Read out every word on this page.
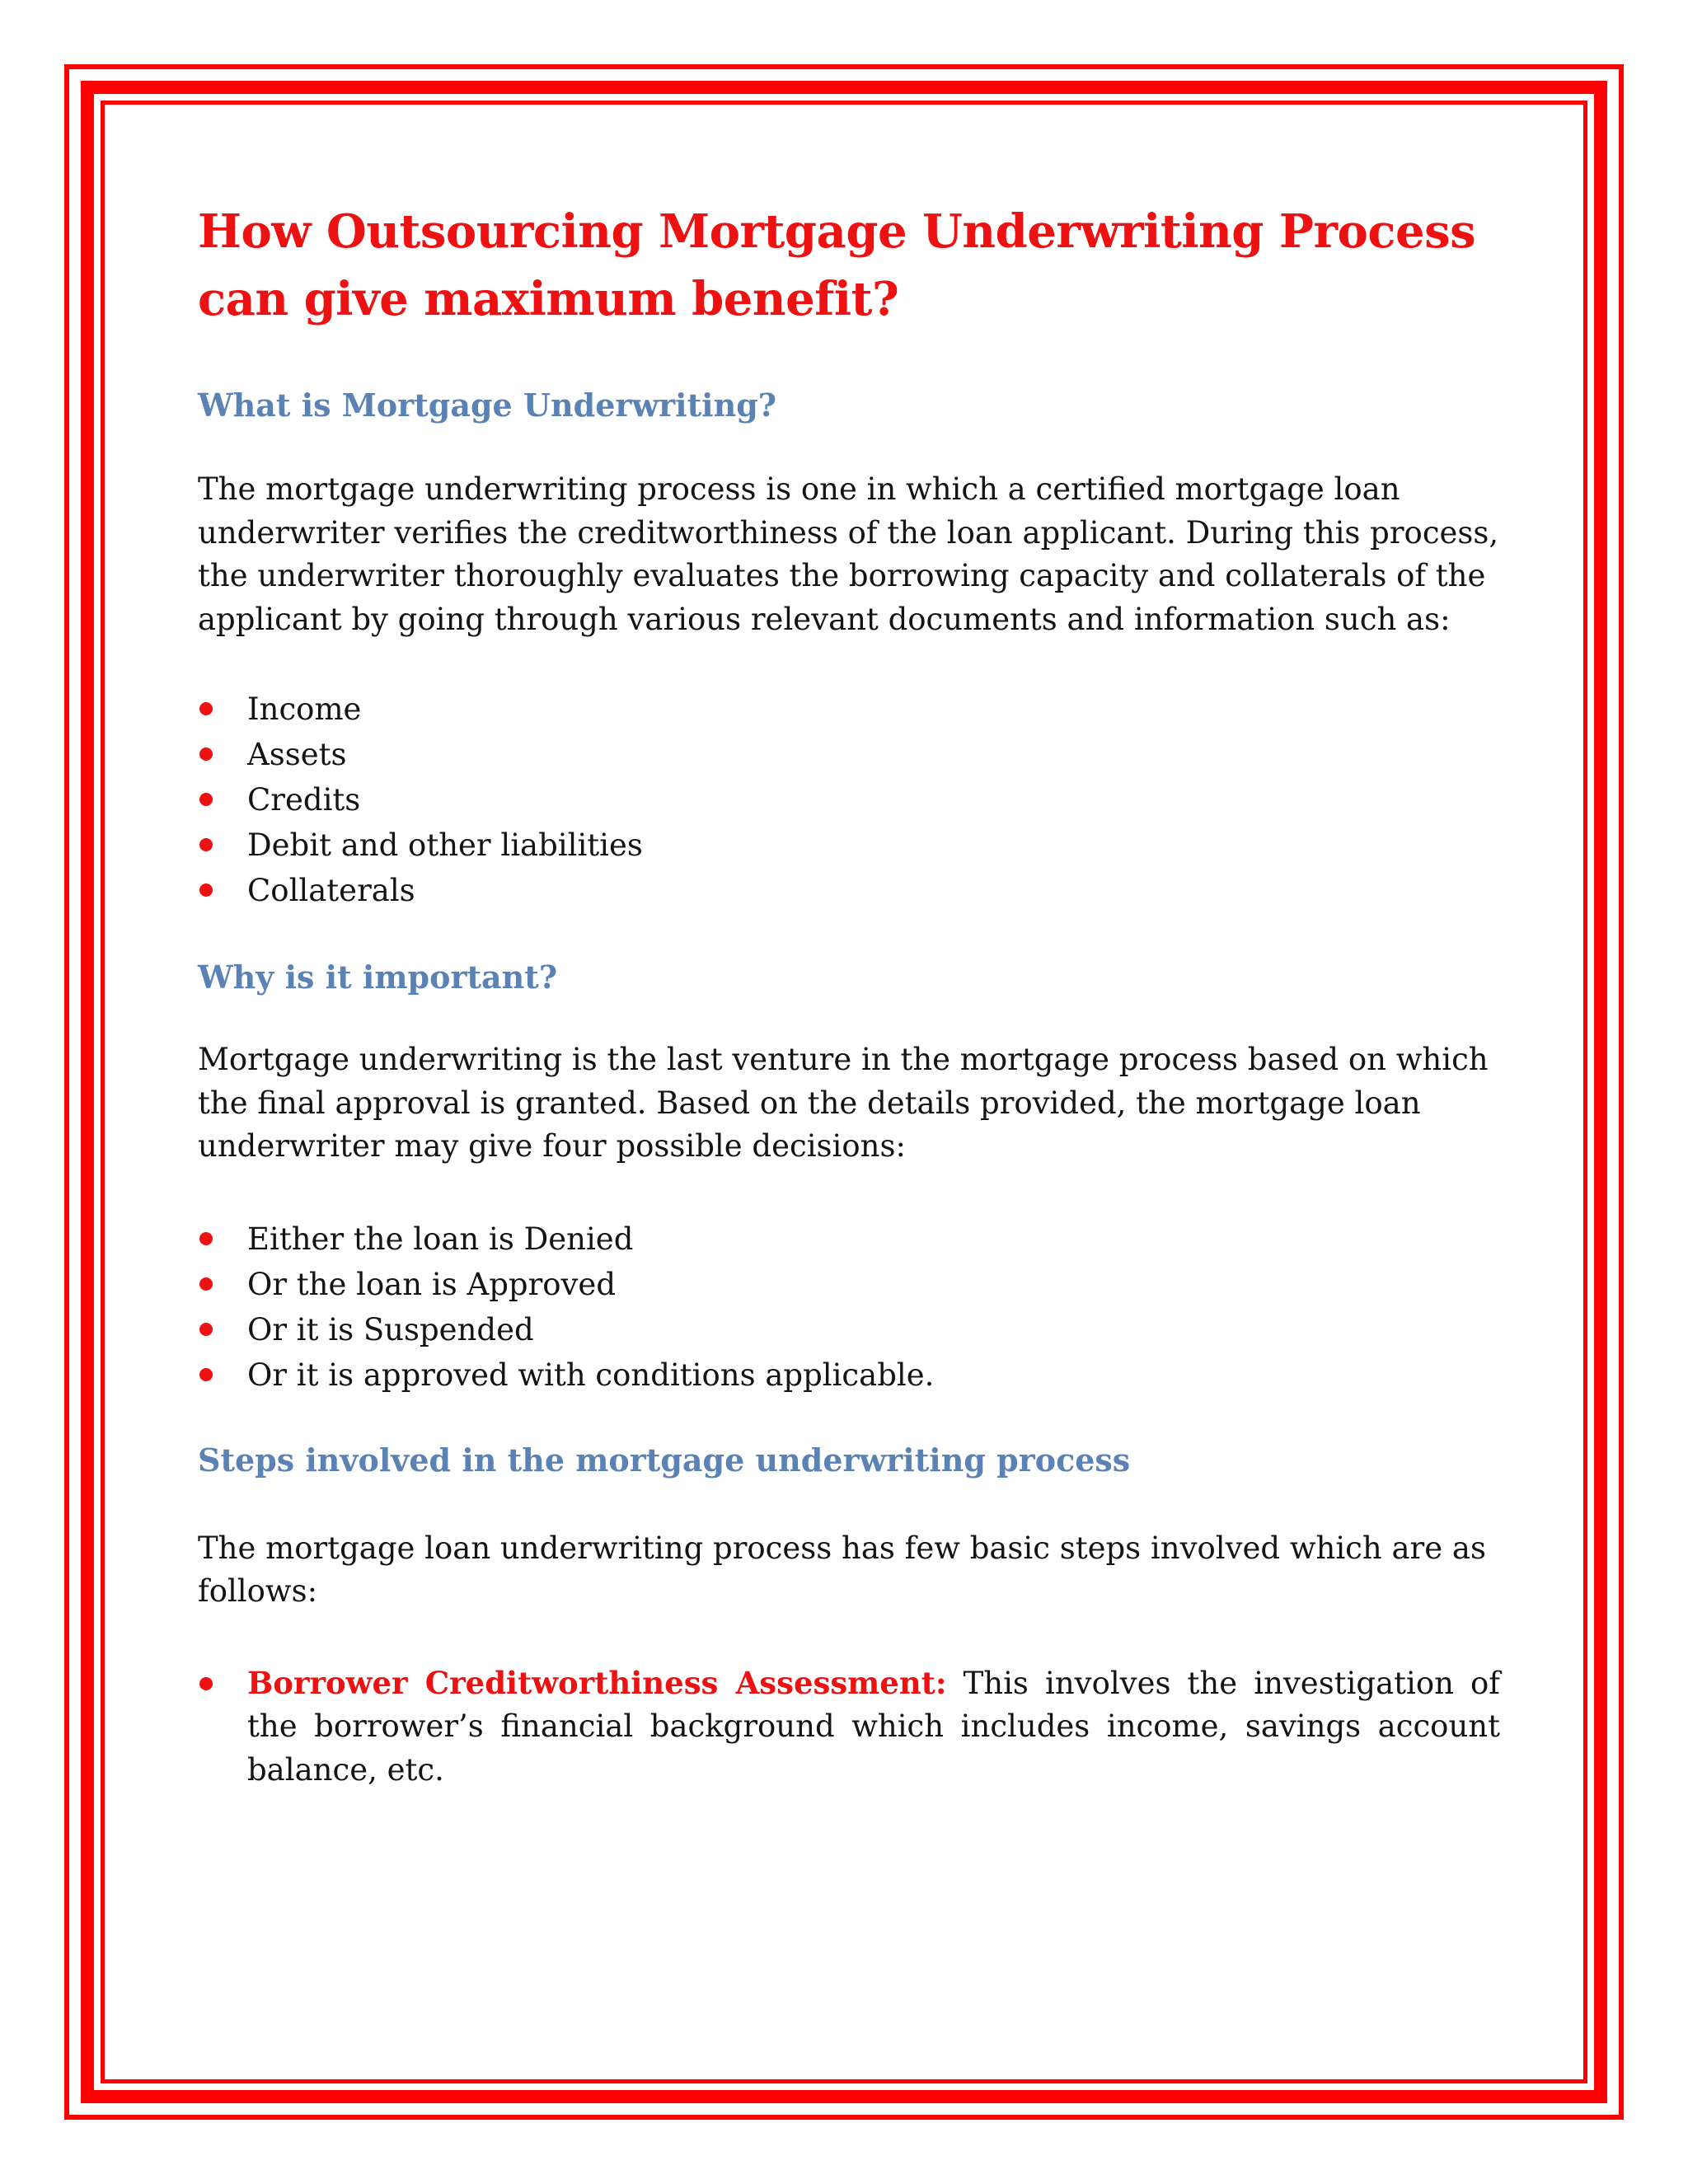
How Outsourcing Mortgage Underwriting Process can give maximum benefit?
What is Mortgage Underwriting?

The mortgage underwriting process is one in which a certified mortgage loan underwriter verifies the creditworthiness of the loan applicant. During this process, the underwriter thoroughly evaluates the borrowing capacity and collaterals of the applicant by going through various relevant documents and information such as:

Income
Assets
Credits
Debit and other liabilities
Collaterals
Why is it important?

Mortgage underwriting is the last venture in the mortgage process based on which the final approval is granted. Based on the details provided, the mortgage loan underwriter may give four possible decisions:

Either the loan is Denied
Or the loan is Approved
Or it is Suspended
Or it is approved with conditions applicable.
Steps involved in the mortgage underwriting process

The mortgage loan underwriting process has few basic steps involved which are as follows:

Borrower Creditworthiness Assessment: This involves the investigation of the borrower’s financial background which includes income, savings account balance, etc.
